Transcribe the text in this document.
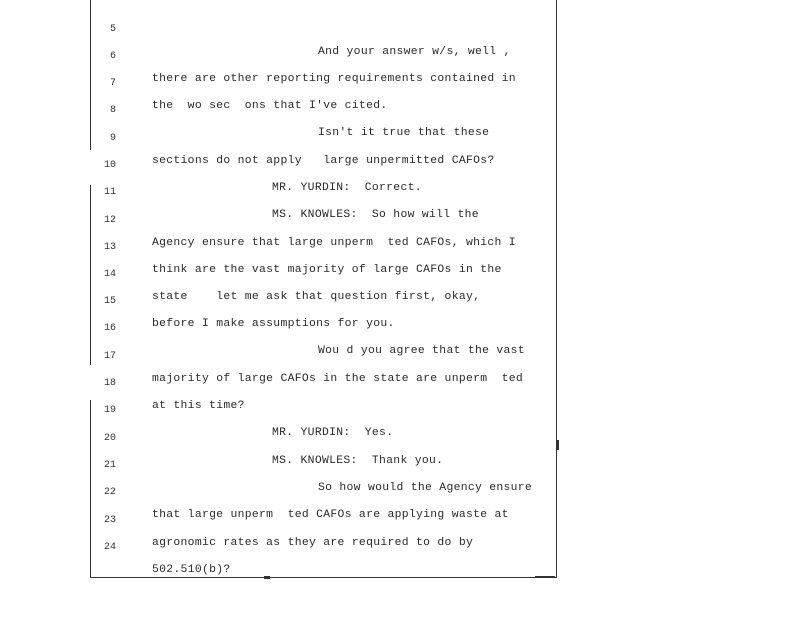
5

And your answer w/s, well ,

6

there are other reporting requirements contained in

7

the  wo sec  ons that I've cited.

8

Isn't it true that these

9

sections do not apply   large unpermitted CAFOs?

10

MR. YURDIN:  Correct.

11

MS. KNOWLES:  So how will the

12

Agency ensure that large unperm  ted CAFOs, which I

13

think are the vast majority of large CAFOs in the

14

state    let me ask that question first, okay,

15

before I make assumptions for you.

16

Wou d you agree that the vast

17

majority of large CAFOs in the state are unperm  ted

18

at this time?

19

MR. YURDIN:  Yes.

20

MS. KNOWLES:  Thank you.

21

So how would the Agency ensure

22

that large unperm  ted CAFOs are applying waste at

23

agronomic rates as they are required to do by

24

502.510(b)?
